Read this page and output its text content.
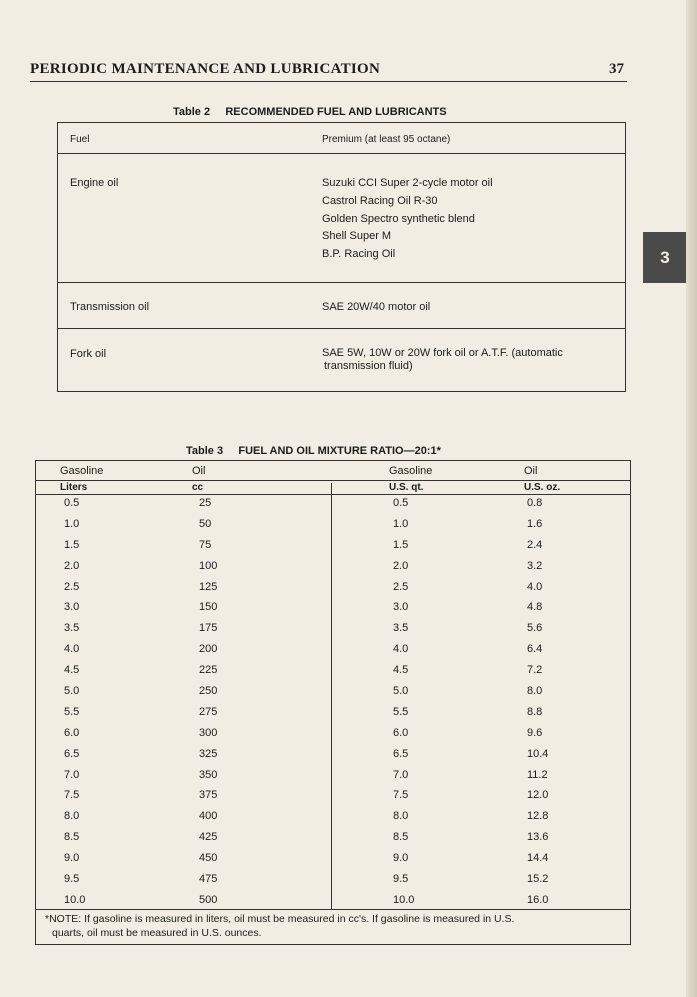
PERIODIC MAINTENANCE AND LUBRICATION	37
3
Table 2     RECOMMENDED FUEL AND LUBRICANTS
Fuel	Premium (at least 95 octane)
Engine oil	Suzuki CCI Super 2-cycle motor oil
Castrol Racing Oil R-30
Golden Spectro synthetic blend
Shell Super M
B.P. Racing Oil
Transmission oil	SAE 20W/40 motor oil
Fork oil	SAE 5W, 10W or 20W fork oil or A.T.F. (automatic
transmission fluid)
Table 3     FUEL AND OIL MIXTURE RATIO—20:1*
Gasoline	Oil	Gasoline	Oil
Liters	cc	U.S. qt.	U.S. oz.
0.5	25	0.5	0.8
1.0	50	1.0	1.6
1.5	75	1.5	2.4
2.0	100	2.0	3.2
2.5	125	2.5	4.0
3.0	150	3.0	4.8
3.5	175	3.5	5.6
4.0	200	4.0	6.4
4.5	225	4.5	7.2
5.0	250	5.0	8.0
5.5	275	5.5	8.8
6.0	300	6.0	9.6
6.5	325	6.5	10.4
7.0	350	7.0	11.2
7.5	375	7.5	12.0
8.0	400	8.0	12.8
8.5	425	8.5	13.6
9.0	450	9.0	14.4
9.5	475	9.5	15.2
10.0	500	10.0	16.0
*NOTE: If gasoline is measured in liters, oil must be measured in cc's. If gasoline is measured in U.S.
quarts, oil must be measured in U.S. ounces.
